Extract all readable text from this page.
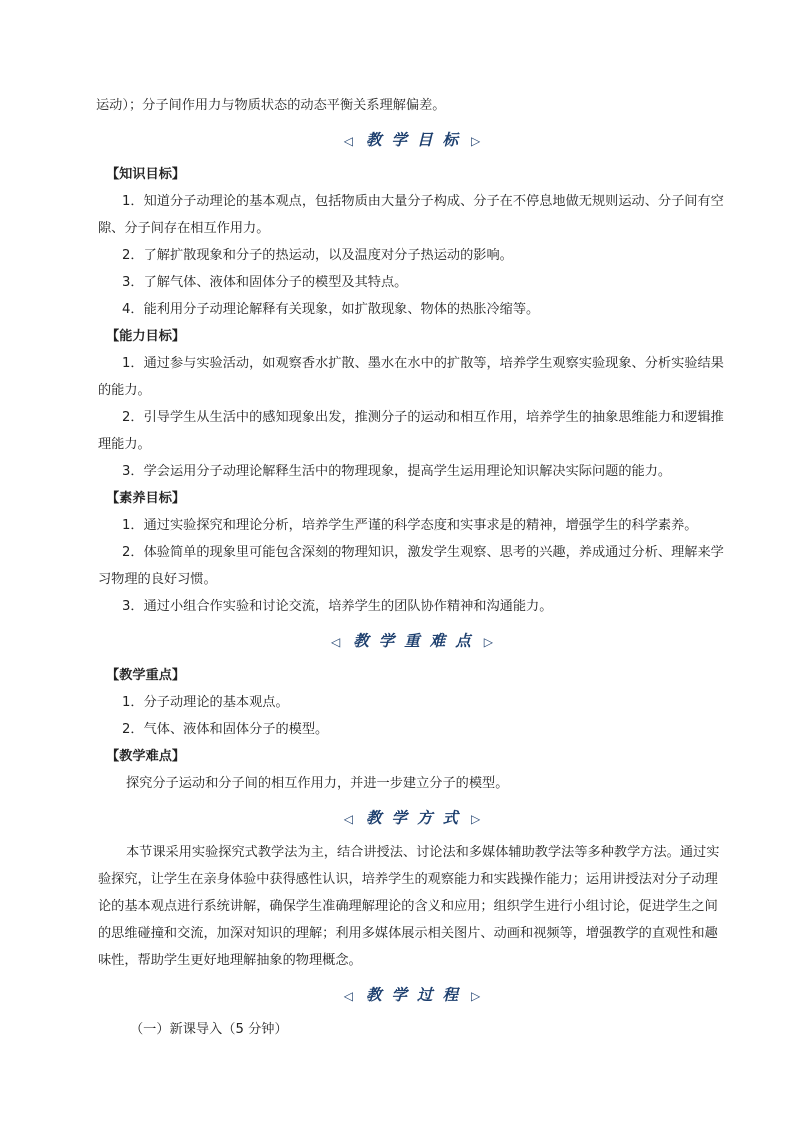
运动）；分子间作用力与物质状态的动态平衡关系理解偏差。
◁ 教学目标 ▷
【知识目标】
1．知道分子动理论的基本观点，包括物质由大量分子构成、分子在不停息地做无规则运动、分子间有空隙、分子间存在相互作用力。
2．了解扩散现象和分子的热运动，以及温度对分子热运动的影响。
3．了解气体、液体和固体分子的模型及其特点。
4．能利用分子动理论解释有关现象，如扩散现象、物体的热胀冷缩等。
【能力目标】
1．通过参与实验活动，如观察香水扩散、墨水在水中的扩散等，培养学生观察实验现象、分析实验结果的能力。
2．引导学生从生活中的感知现象出发，推测分子的运动和相互作用，培养学生的抽象思维能力和逻辑推理能力。
3．学会运用分子动理论解释生活中的物理现象，提高学生运用理论知识解决实际问题的能力。
【素养目标】
1．通过实验探究和理论分析，培养学生严谨的科学态度和实事求是的精神，增强学生的科学素养。
2．体验简单的现象里可能包含深刻的物理知识，激发学生观察、思考的兴趣，养成通过分析、理解来学习物理的良好习惯。
3．通过小组合作实验和讨论交流，培养学生的团队协作精神和沟通能力。
◁ 教学重难点 ▷
【教学重点】
1．分子动理论的基本观点。
2．气体、液体和固体分子的模型。
【教学难点】
探究分子运动和分子间的相互作用力，并进一步建立分子的模型。
◁ 教学方式 ▷
本节课采用实验探究式教学法为主，结合讲授法、讨论法和多媒体辅助教学法等多种教学方法。通过实验探究，让学生在亲身体验中获得感性认识，培养学生的观察能力和实践操作能力；运用讲授法对分子动理论的基本观点进行系统讲解，确保学生准确理解理论的含义和应用；组织学生进行小组讨论，促进学生之间的思维碰撞和交流，加深对知识的理解；利用多媒体展示相关图片、动画和视频等，增强教学的直观性和趣味性，帮助学生更好地理解抽象的物理概念。
◁ 教学过程 ▷
（一）新课导入（5 分钟）
